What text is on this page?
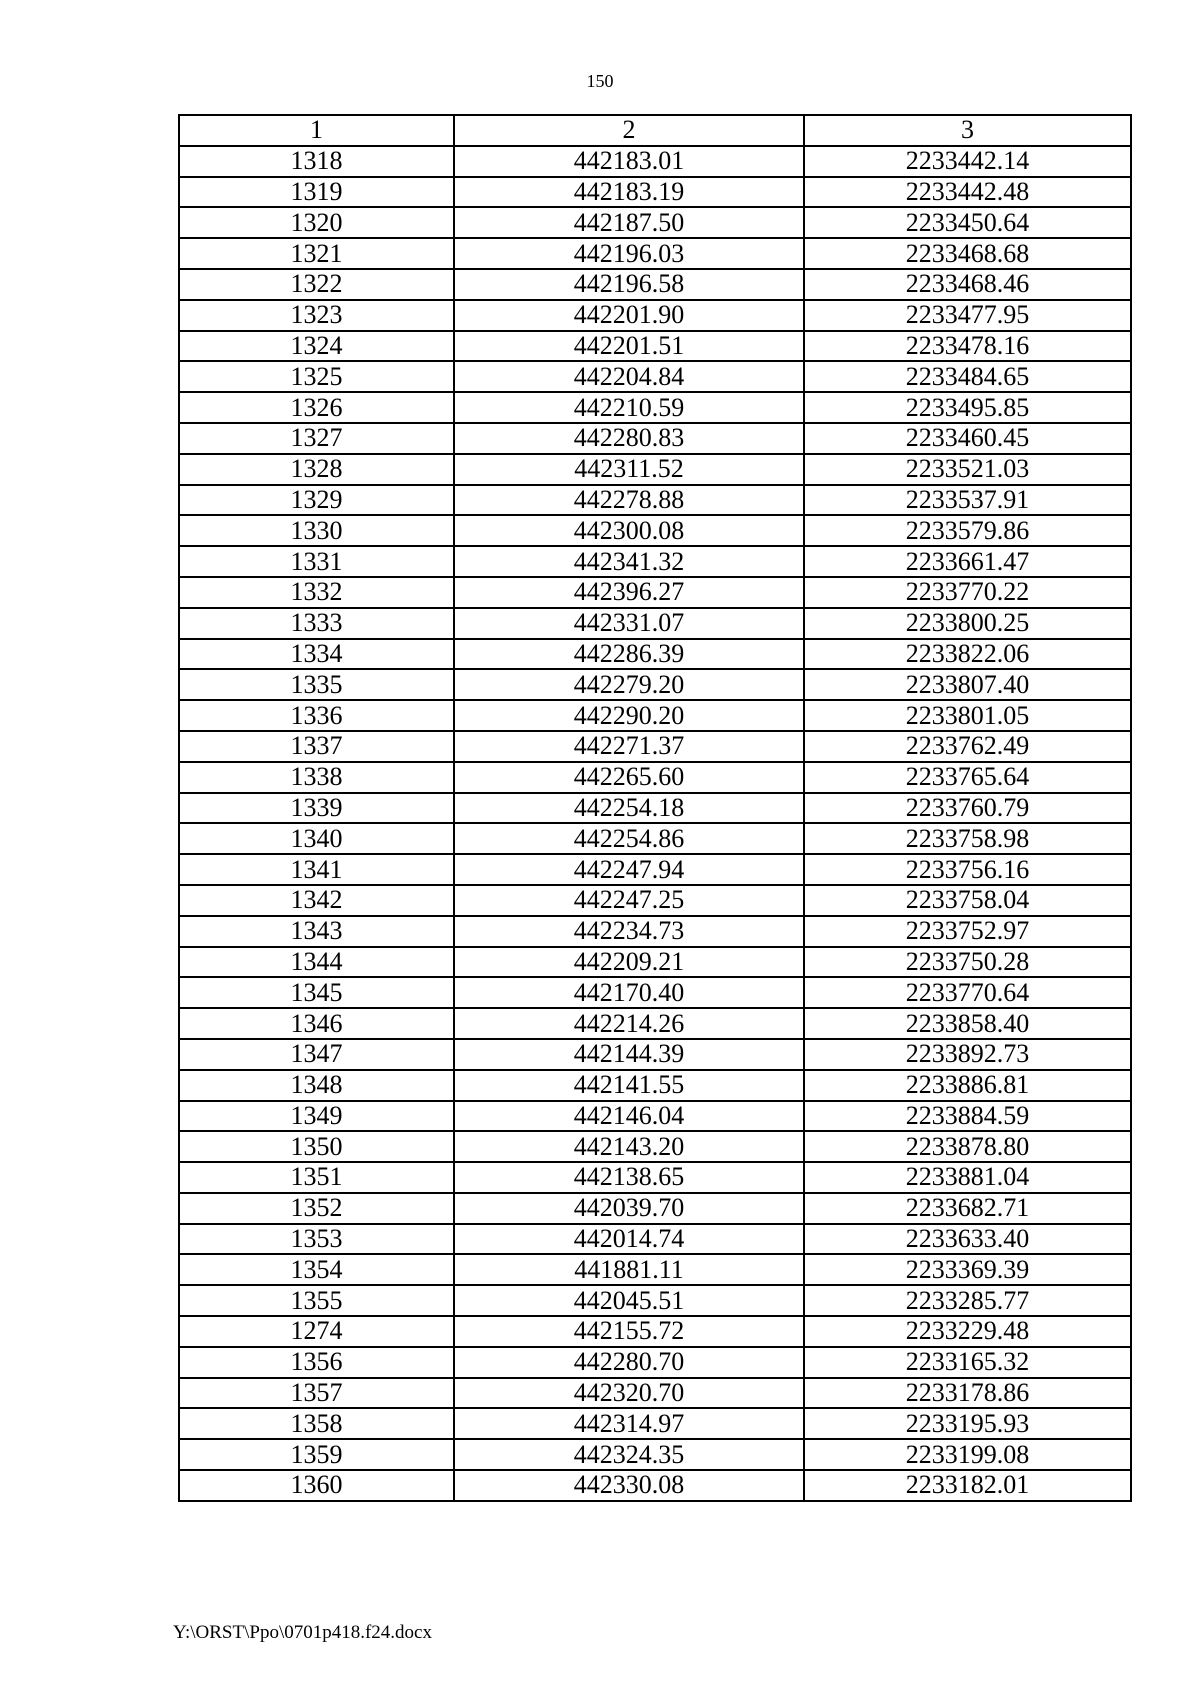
150
1	2	3
1318	442183.01	2233442.14
1319	442183.19	2233442.48
1320	442187.50	2233450.64
1321	442196.03	2233468.68
1322	442196.58	2233468.46
1323	442201.90	2233477.95
1324	442201.51	2233478.16
1325	442204.84	2233484.65
1326	442210.59	2233495.85
1327	442280.83	2233460.45
1328	442311.52	2233521.03
1329	442278.88	2233537.91
1330	442300.08	2233579.86
1331	442341.32	2233661.47
1332	442396.27	2233770.22
1333	442331.07	2233800.25
1334	442286.39	2233822.06
1335	442279.20	2233807.40
1336	442290.20	2233801.05
1337	442271.37	2233762.49
1338	442265.60	2233765.64
1339	442254.18	2233760.79
1340	442254.86	2233758.98
1341	442247.94	2233756.16
1342	442247.25	2233758.04
1343	442234.73	2233752.97
1344	442209.21	2233750.28
1345	442170.40	2233770.64
1346	442214.26	2233858.40
1347	442144.39	2233892.73
1348	442141.55	2233886.81
1349	442146.04	2233884.59
1350	442143.20	2233878.80
1351	442138.65	2233881.04
1352	442039.70	2233682.71
1353	442014.74	2233633.40
1354	441881.11	2233369.39
1355	442045.51	2233285.77
1274	442155.72	2233229.48
1356	442280.70	2233165.32
1357	442320.70	2233178.86
1358	442314.97	2233195.93
1359	442324.35	2233199.08
1360	442330.08	2233182.01
Y:\ORST\Ppo\0701p418.f24.docx
